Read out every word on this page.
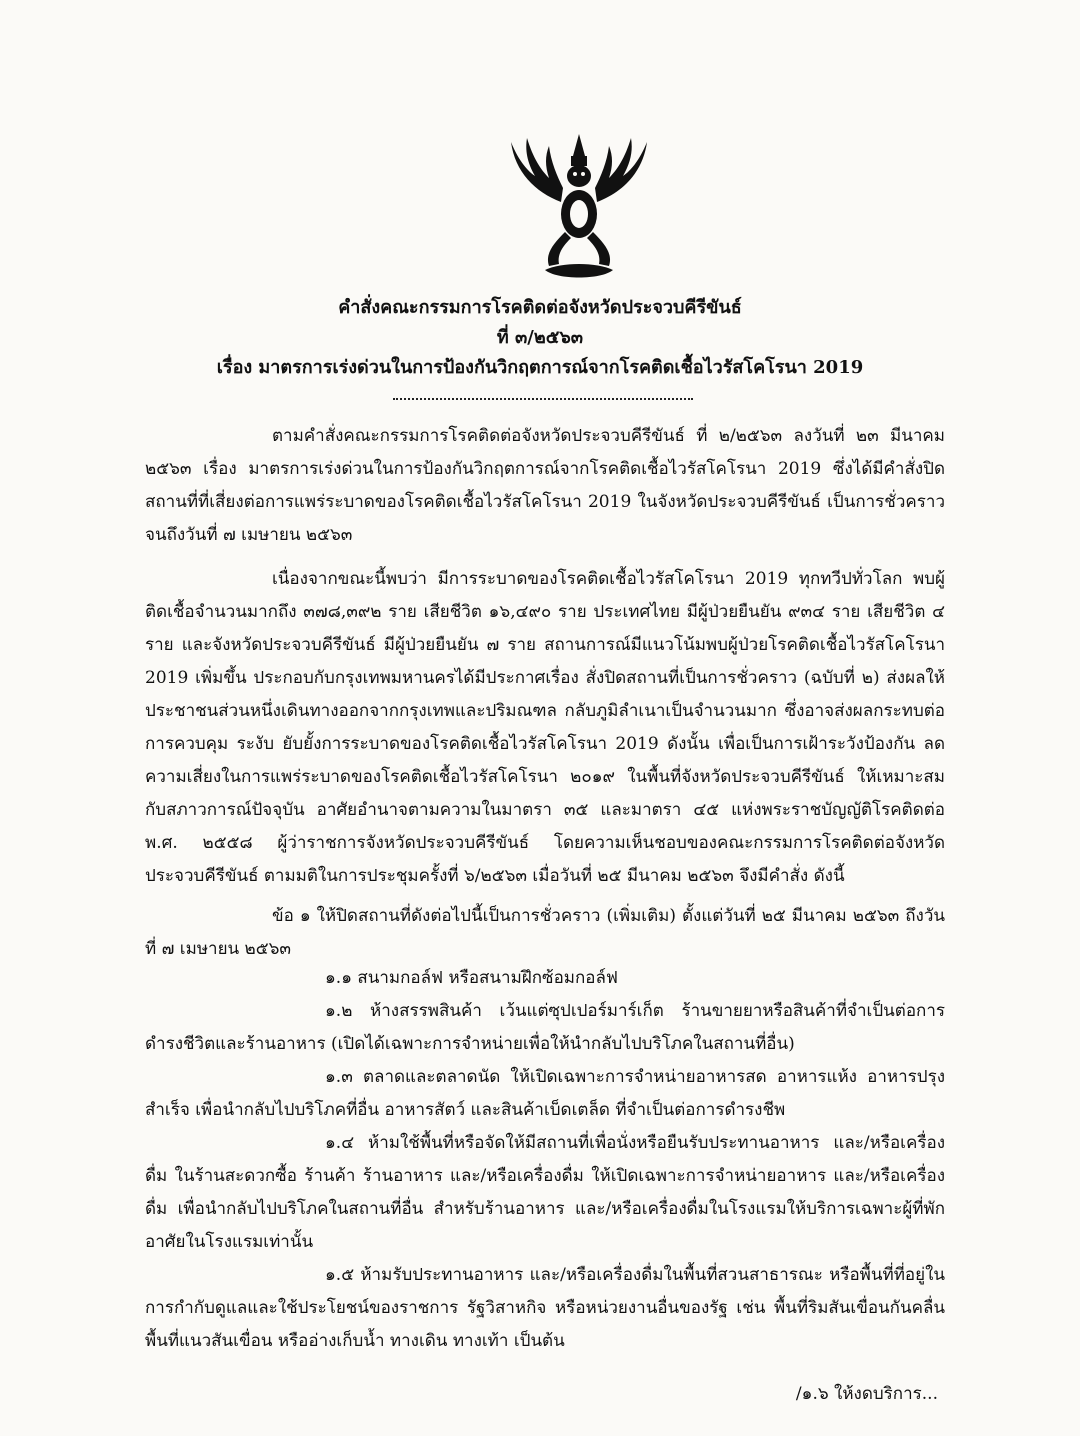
คำสั่งคณะกรรมการโรคติดต่อจังหวัดประจวบคีรีขันธ์
ที่ ๓/๒๕๖๓
เรื่อง มาตรการเร่งด่วนในการป้องกันวิกฤตการณ์จากโรคติดเชื้อไวรัสโคโรนา 2019

ตามคำสั่งคณะกรรมการโรคติดต่อจังหวัดประจวบคีรีขันธ์ ที่ ๒/๒๕๖๓ ลงวันที่ ๒๓ มีนาคม ๒๕๖๓ เรื่อง มาตรการเร่งด่วนในการป้องกันวิกฤตการณ์จากโรคติดเชื้อไวรัสโคโรนา 2019 ซึ่งได้มีคำสั่งปิดสถานที่ที่เสี่ยงต่อการแพร่ระบาดของโรคติดเชื้อไวรัสโคโรนา 2019 ในจังหวัดประจวบคีรีขันธ์ เป็นการชั่วคราว จนถึงวันที่ ๗ เมษายน ๒๕๖๓

เนื่องจากขณะนี้พบว่า มีการระบาดของโรคติดเชื้อไวรัสโคโรนา 2019 ทุกทวีปทั่วโลก พบผู้ติดเชื้อจำนวนมากถึง ๓๗๘,๓๙๒ ราย เสียชีวิต ๑๖,๔๙๐ ราย ประเทศไทย มีผู้ป่วยยืนยัน ๙๓๔ ราย เสียชีวิต ๔ ราย และจังหวัดประจวบคีรีขันธ์ มีผู้ป่วยยืนยัน ๗ ราย สถานการณ์มีแนวโน้มพบผู้ป่วยโรคติดเชื้อไวรัสโคโรนา 2019 เพิ่มขึ้น ประกอบกับกรุงเทพมหานครได้มีประกาศเรื่อง สั่งปิดสถานที่เป็นการชั่วคราว (ฉบับที่ ๒) ส่งผลให้ประชาชนส่วนหนึ่งเดินทางออกจากกรุงเทพและปริมณฑล กลับภูมิลำเนาเป็นจำนวนมาก ซึ่งอาจส่งผลกระทบต่อการควบคุม ระงับ ยับยั้งการระบาดของโรคติดเชื้อไวรัสโคโรนา 2019 ดังนั้น เพื่อเป็นการเฝ้าระวังป้องกัน ลดความเสี่ยงในการแพร่ระบาดของโรคติดเชื้อไวรัสโคโรนา ๒๐๑๙ ในพื้นที่จังหวัดประจวบคีรีขันธ์ ให้เหมาะสมกับสภาวการณ์ปัจจุบัน อาศัยอำนาจตามความในมาตรา ๓๕ และมาตรา ๔๕ แห่งพระราชบัญญัติโรคติดต่อ พ.ศ. ๒๕๕๘ ผู้ว่าราชการจังหวัดประจวบคีรีขันธ์ โดยความเห็นชอบของคณะกรรมการโรคติดต่อจังหวัดประจวบคีรีขันธ์ ตามมติในการประชุมครั้งที่ ๖/๒๕๖๓ เมื่อวันที่ ๒๕ มีนาคม ๒๕๖๓ จึงมีคำสั่ง ดังนี้

ข้อ ๑ ให้ปิดสถานที่ดังต่อไปนี้เป็นการชั่วคราว (เพิ่มเติม) ตั้งแต่วันที่ ๒๕ มีนาคม ๒๕๖๓ ถึงวันที่ ๗ เมษายน ๒๕๖๓

๑.๑ สนามกอล์ฟ หรือสนามฝึกซ้อมกอล์ฟ

๑.๒ ห้างสรรพสินค้า เว้นแต่ซุปเปอร์มาร์เก็ต ร้านขายยาหรือสินค้าที่จำเป็นต่อการดำรงชีวิตและร้านอาหาร (เปิดได้เฉพาะการจำหน่ายเพื่อให้นำกลับไปบริโภคในสถานที่อื่น)

๑.๓ ตลาดและตลาดนัด ให้เปิดเฉพาะการจำหน่ายอาหารสด อาหารแห้ง อาหารปรุงสำเร็จ เพื่อนำกลับไปบริโภคที่อื่น อาหารสัตว์ และสินค้าเบ็ดเตล็ด ที่จำเป็นต่อการดำรงชีพ

๑.๔ ห้ามใช้พื้นที่หรือจัดให้มีสถานที่เพื่อนั่งหรือยืนรับประทานอาหาร และ/หรือเครื่องดื่ม ในร้านสะดวกซื้อ ร้านค้า ร้านอาหาร และ/หรือเครื่องดื่ม ให้เปิดเฉพาะการจำหน่ายอาหาร และ/หรือเครื่องดื่ม เพื่อนำกลับไปบริโภคในสถานที่อื่น สำหรับร้านอาหาร และ/หรือเครื่องดื่มในโรงแรมให้บริการเฉพาะผู้ที่พักอาศัยในโรงแรมเท่านั้น

๑.๕ ห้ามรับประทานอาหาร และ/หรือเครื่องดื่มในพื้นที่สวนสาธารณะ หรือพื้นที่ที่อยู่ในการกำกับดูแลและใช้ประโยชน์ของราชการ รัฐวิสาหกิจ หรือหน่วยงานอื่นของรัฐ เช่น พื้นที่ริมสันเขื่อนกันคลื่น พื้นที่แนวสันเขื่อน หรืออ่างเก็บน้ำ ทางเดิน ทางเท้า เป็นต้น

/๑.๖ ให้งดบริการ...
